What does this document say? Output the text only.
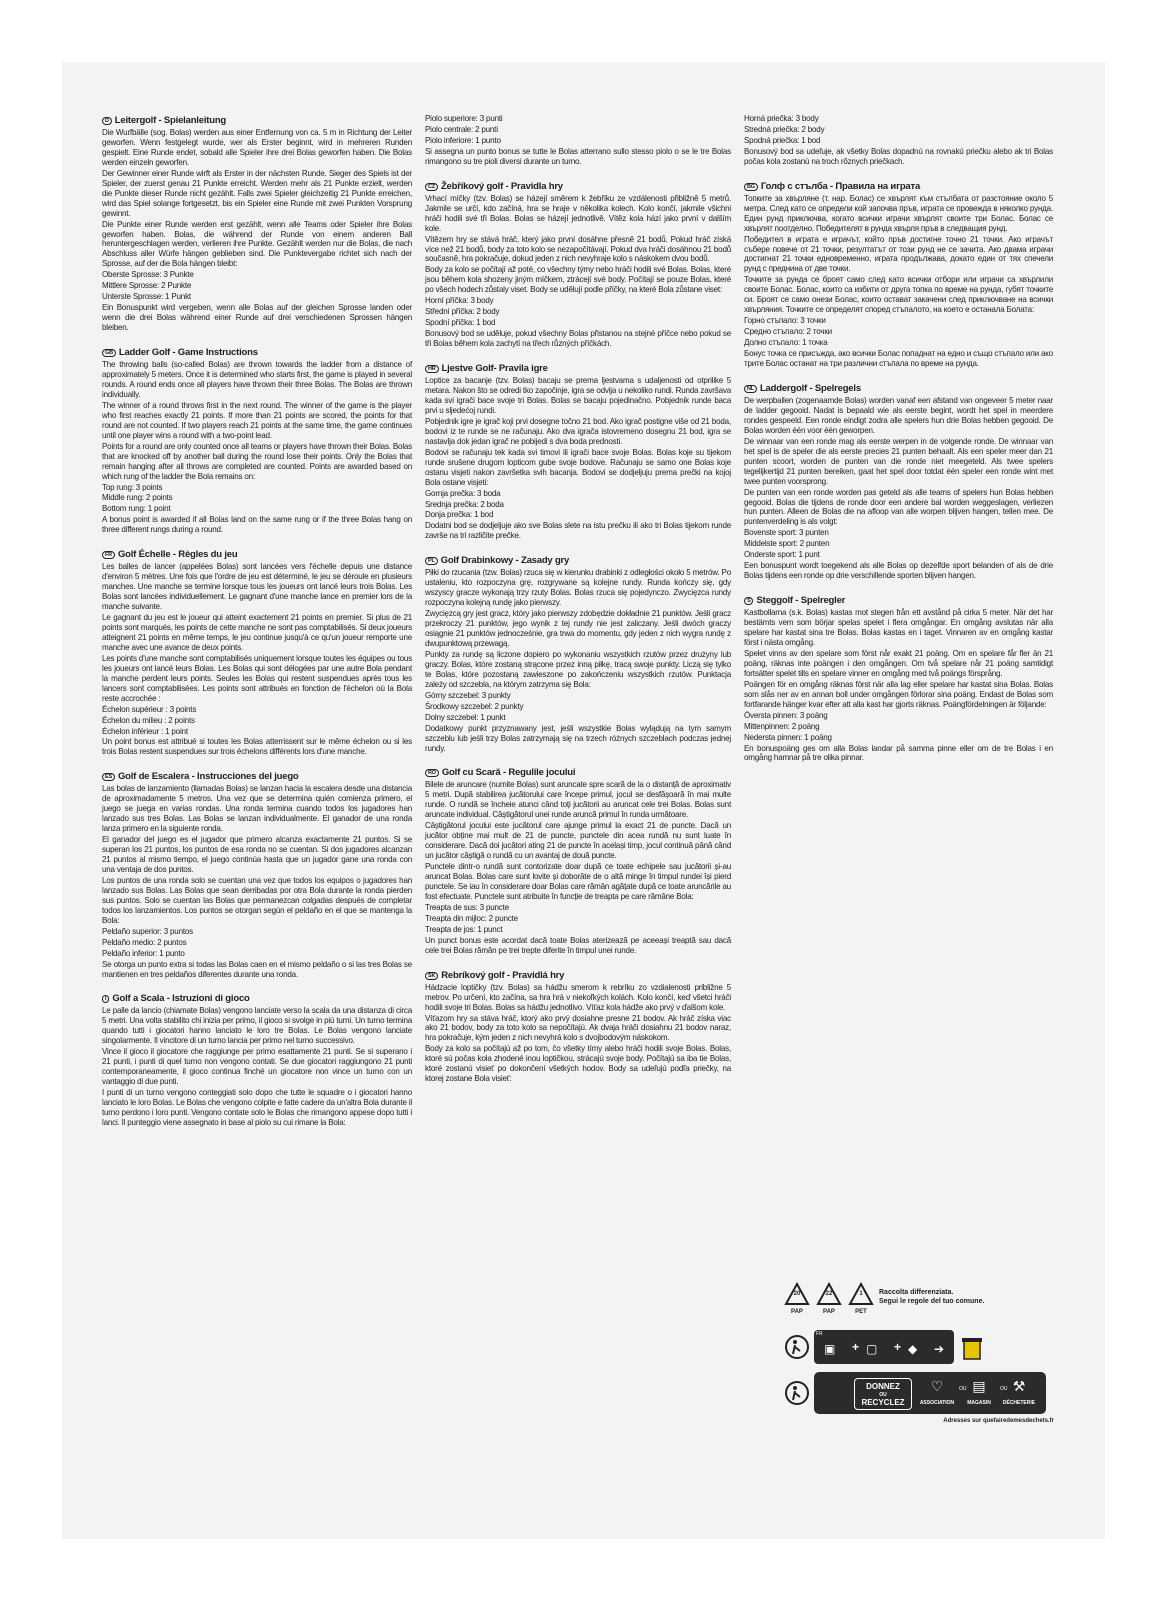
D Leitergolf - Spielanleitung

Die Wurfbälle (sog. Bolas) werden aus einer Entfernung von ca. 5 m in Richtung der Leiter geworfen. Wenn festgelegt wurde, wer als Erster beginnt, wird in mehreren Runden gespielt. Eine Runde endet, sobald alle Spieler ihre drei Bolas geworfen haben. Die Bolas werden einzeln geworfen.

Der Gewinner einer Runde wirft als Erster in der nächsten Runde. Sieger des Spiels ist der Spieler, der zuerst genau 21 Punkte erreicht. Werden mehr als 21 Punkte erzielt, werden die Punkte dieser Runde nicht gezählt. Falls zwei Spieler gleichzeitig 21 Punkte erreichen, wird das Spiel solange fortgesetzt, bis ein Spieler eine Runde mit zwei Punkten Vorsprung gewinnt.

Die Punkte einer Runde werden erst gezählt, wenn alle Teams oder Spieler ihre Bolas geworfen haben. Bolas, die während der Runde von einem anderen Ball heruntergeschlagen werden, verlieren ihre Punkte. Gezählt werden nur die Bolas, die nach Abschluss aller Würfe hängen geblieben sind. Die Punktevergabe richtet sich nach der Sprosse, auf der die Bola hängen bleibt:

Oberste Sprosse: 3 Punkte

Mittlere Sprosse: 2 Punkte

Unterste Sprosse: 1 Punkt

Ein Bonuspunkt wird vergeben, wenn alle Bolas auf der gleichen Sprosse landen oder wenn die drei Bolas während einer Runde auf drei verschiedenen Sprossen hängen bleiben.

GB Ladder Golf - Game Instructions

The throwing balls (so-called Bolas) are thrown towards the ladder from a distance of approximately 5 meters. Once it is determined who starts first, the game is played in several rounds. A round ends once all players have thrown their three Bolas. The Bolas are thrown individually.

The winner of a round throws first in the next round. The winner of the game is the player who first reaches exactly 21 points. If more than 21 points are scored, the points for that round are not counted. If two players reach 21 points at the same time, the game continues until one player wins a round with a two-point lead.

Points for a round are only counted once all teams or players have thrown their Bolas. Bolas that are knocked off by another ball during the round lose their points. Only the Bolas that remain hanging after all throws are completed are counted. Points are awarded based on which rung of the ladder the Bola remains on:

Top rung: 3 points

Middle rung: 2 points

Bottom rung: 1 point

A bonus point is awarded if all Bolas land on the same rung or if the three Bolas hang on three different rungs during a round.

FR Golf Échelle - Règles du jeu

Les balles de lancer (appelées Bolas) sont lancées vers l'échelle depuis une distance d'environ 5 mètres. Une fois que l'ordre de jeu est déterminé, le jeu se déroule en plusieurs manches. Une manche se termine lorsque tous les joueurs ont lancé leurs trois Bolas. Les Bolas sont lancées individuellement. Le gagnant d'une manche lance en premier lors de la manche suivante.

Le gagnant du jeu est le joueur qui atteint exactement 21 points en premier. Si plus de 21 points sont marqués, les points de cette manche ne sont pas comptabilisés. Si deux joueurs atteignent 21 points en même temps, le jeu continue jusqu'à ce qu'un joueur remporte une manche avec une avance de deux points.

Les points d'une manche sont comptabilisés uniquement lorsque toutes les équipes ou tous les joueurs ont lancé leurs Bolas. Les Bolas qui sont délogées par une autre Bola pendant la manche perdent leurs points. Seules les Bolas qui restent suspendues après tous les lancers sont comptabilisées. Les points sont attribués en fonction de l'échelon où la Bola reste accrochée :

Échelon supérieur : 3 points

Échelon du milieu : 2 points

Échelon inférieur : 1 point

Un point bonus est attribué si toutes les Bolas atterrissent sur le même échelon ou si les trois Bolas restent suspendues sur trois échelons différents lors d'une manche.

ES Golf de Escalera - Instrucciones del juego

Las bolas de lanzamiento (llamadas Bolas) se lanzan hacia la escalera desde una distancia de aproximadamente 5 metros. Una vez que se determina quién comienza primero, el juego se juega en varias rondas. Una ronda termina cuando todos los jugadores han lanzado sus tres Bolas. Las Bolas se lanzan individualmente. El ganador de una ronda lanza primero en la siguiente ronda.

El ganador del juego es el jugador que primero alcanza exactamente 21 puntos. Si se superan los 21 puntos, los puntos de esa ronda no se cuentan. Si dos jugadores alcanzan 21 puntos al mismo tiempo, el juego continúa hasta que un jugador gane una ronda con una ventaja de dos puntos.

Los puntos de una ronda solo se cuentan una vez que todos los equipos o jugadores han lanzado sus Bolas. Las Bolas que sean derribadas por otra Bola durante la ronda pierden sus puntos. Solo se cuentan las Bolas que permanezcan colgadas después de completar todos los lanzamientos. Los puntos se otorgan según el peldaño en el que se mantenga la Bola:

Peldaño superior: 3 puntos

Peldaño medio: 2 puntos

Peldaño inferior: 1 punto

Se otorga un punto extra si todas las Bolas caen en el mismo peldaño o si las tres Bolas se mantienen en tres peldaños diferentes durante una ronda.

I Golf a Scala - Istruzioni di gioco

Le palle da lancio (chiamate Bolas) vengono lanciate verso la scala da una distanza di circa 5 metri. Una volta stabilito chi inizia per primo, il gioco si svolge in più turni. Un turno termina quando tutti i giocatori hanno lanciato le loro tre Bolas. Le Bolas vengono lanciate singolarmente. Il vincitore di un turno lancia per primo nel turno successivo.

Vince il gioco il giocatore che raggiunge per primo esattamente 21 punti. Se si superano i 21 punti, i punti di quel turno non vengono contati. Se due giocatori raggiungono 21 punti contemporaneamente, il gioco continua finché un giocatore non vince un turno con un vantaggio di due punti.

I punti di un turno vengono conteggiati solo dopo che tutte le squadre o i giocatori hanno lanciato le loro Bolas. Le Bolas che vengono colpite e fatte cadere da un'altra Bola durante il turno perdono i loro punti. Vengono contate solo le Bolas che rimangono appese dopo tutti i lanci. Il punteggio viene assegnato in base al piolo su cui rimane la Bola:

Piolo superiore: 3 punti

Piolo centrale: 2 punti

Piolo inferiore: 1 punto

Si assegna un punto bonus se tutte le Bolas atterrano sullo stesso piolo o se le tre Bolas rimangono su tre pioli diversi durante un turno.

CZ Žebříkový golf - Pravidla hry

Vrhací míčky (tzv. Bolas) se házejí směrem k žebříku ze vzdálenosti přibližně 5 metrů. Jakmile se určí, kdo začíná, hra se hraje v několika kolech. Kolo končí, jakmile všichni hráči hodili své tři Bolas. Bolas se házejí jednotlivě. Vítěz kola hází jako první v dalším kole.

Vítězem hry se stává hráč, který jako první dosáhne přesně 21 bodů. Pokud hráč získá více než 21 bodů, body za toto kolo se nezapočítávají. Pokud dva hráči dosáhnou 21 bodů současně, hra pokračuje, dokud jeden z nich nevyhraje kolo s náskokem dvou bodů.

Body za kolo se počítají až poté, co všechny týmy nebo hráči hodili své Bolas. Bolas, které jsou během kola shozeny jiným míčkem, ztrácejí své body. Počítají se pouze Bolas, které po všech hodech zůstaly viset. Body se udělují podle příčky, na které Bola zůstane viset:

Horní příčka: 3 body

Střední příčka: 2 body

Spodní příčka: 1 bod

Bonusový bod se uděluje, pokud všechny Bolas přistanou na stejné příčce nebo pokud se tři Bolas během kola zachytí na třech různých příčkách.

HR Ljestve Golf- Pravila igre

Loptice za bacanje (tzv. Bolas) bacaju se prema ljestvama s udaljenosti od otprilike 5 metara. Nakon što se odredi tko započinje, igra se odvija u nekoliko rundi. Runda završava kada svi igrači bace svoje tri Bolas. Bolas se bacaju pojedinačno. Pobjednik runde baca prvi u sljedećoj rundi.

Pobjednik igre je igrač koji prvi dosegne točno 21 bod. Ako igrač postigne više od 21 boda, bodovi iz te runde se ne računaju. Ako dva igrača istovremeno dosegnu 21 bod, igra se nastavlja dok jedan igrač ne pobijedi s dva boda prednosti.

Bodovi se računaju tek kada svi timovi ili igrači bace svoje Bolas. Bolas koje su tijekom runde srušene drugom lopticom gube svoje bodove. Računaju se samo one Bolas koje ostanu visjeti nakon završetka svih bacanja. Bodovi se dodjeljuju prema prečki na kojoj Bola ostane visjeti:

Gornja prečka: 3 boda

Srednja prečka: 2 boda

Donja prečka: 1 bod

Dodatni bod se dodjeljuje ako sve Bolas slete na istu prečku ili ako tri Bolas tijekom runde završe na tri različite prečke.

PL Golf Drabinkowy - Zasady gry

Piłki do rzucania (tzw. Bolas) rzuca się w kierunku drabinki z odległości około 5 metrów. Po ustaleniu, kto rozpoczyna grę, rozgrywane są kolejne rundy. Runda kończy się, gdy wszyscy gracze wykonają trzy rzuty Bolas. Bolas rzuca się pojedynczo. Zwycięzca rundy rozpoczyna kolejną rundę jako pierwszy.

Zwycięzcą gry jest gracz, który jako pierwszy zdobędzie dokładnie 21 punktów. Jeśli gracz przekroczy 21 punktów, jego wynik z tej rundy nie jest zaliczany. Jeśli dwóch graczy osiągnie 21 punktów jednocześnie, gra trwa do momentu, gdy jeden z nich wygra rundę z dwupunktową przewagą.

Punkty za rundę są liczone dopiero po wykonaniu wszystkich rzutów przez drużyny lub graczy. Bolas, które zostaną strącone przez inną piłkę, tracą swoje punkty. Liczą się tylko te Bolas, które pozostaną zawieszone po zakończeniu wszystkich rzutów. Punktacja zależy od szczebla, na którym zatrzyma się Bola:

Górny szczebel: 3 punkty

Środkowy szczebel: 2 punkty

Dolny szczebel: 1 punkt

Dodatkowy punkt przyznawany jest, jeśli wszystkie Bolas wylądują na tym samym szczeblu lub jeśli trzy Bolas zatrzymają się na trzech różnych szczeblach podczas jednej rundy.

RO Golf cu Scară - Regulile jocului

Bilele de aruncare (numite Bolas) sunt aruncate spre scară de la o distanță de aproximativ 5 metri. După stabilirea jucătorului care începe primul, jocul se desfășoară în mai multe runde. O rundă se încheie atunci când toți jucătorii au aruncat cele trei Bolas. Bolas sunt aruncate individual. Câștigătorul unei runde aruncă primul în runda următoare.

Câștigătorul jocului este jucătorul care ajunge primul la exact 21 de puncte. Dacă un jucător obține mai mult de 21 de puncte, punctele din acea rundă nu sunt luate în considerare. Dacă doi jucători ating 21 de puncte în același timp, jocul continuă până când un jucător câștigă o rundă cu un avantaj de două puncte.

Punctele dintr-o rundă sunt contorizate doar după ce toate echipele sau jucătorii și-au aruncat Bolas. Bolas care sunt lovite și doborâte de o altă minge în timpul rundei își pierd punctele. Se iau în considerare doar Bolas care rămân agățate după ce toate aruncările au fost efectuate. Punctele sunt atribuite în funcție de treapta pe care rămâne Bola:

Treapta de sus: 3 puncte

Treapta din mijloc: 2 puncte

Treapta de jos: 1 punct

Un punct bonus este acordat dacă toate Bolas aterizează pe aceeași treaptă sau dacă cele trei Bolas rămân pe trei trepte diferite în timpul unei runde.

SK Rebríkový golf - Pravidlá hry

Hádzacie loptičky (tzv. Bolas) sa hádžu smerom k rebríku zo vzdialenosti približne 5 metrov. Po určení, kto začína, sa hra hrá v niekoľkých kolách. Kolo končí, keď všetci hráči hodili svoje tri Bolas. Bolas sa hádžu jednotlivo. Víťaz kola hádže ako prvý v ďalšom kole.

Víťazom hry sa stáva hráč, ktorý ako prvý dosiahne presne 21 bodov. Ak hráč získa viac ako 21 bodov, body za toto kolo sa nepočítajú. Ak dvaja hráči dosiahnu 21 bodov naraz, hra pokračuje, kým jeden z nich nevyhrá kolo s dvojbodovým náskokom.

Body za kolo sa počítajú až po tom, čo všetky tímy alebo hráči hodili svoje Bolas. Bolas, ktoré sú počas kola zhodené inou loptičkou, strácajú svoje body. Počítajú sa iba tie Bolas, ktoré zostanú visieť po dokončení všetkých hodov. Body sa udeľujú podľa priečky, na ktorej zostane Bola visieť:

Horná priečka: 3 body

Stredná priečka: 2 body

Spodná priečka: 1 bod

Bonusový bod sa udeľuje, ak všetky Bolas dopadnú na rovnakú priečku alebo ak tri Bolas počas kola zostanú na troch rôznych priečkach.

BG Голф с стълба - Правила на играта

Топките за хвърляне (т. нар. Болас) се хвърлят към стълбата от разстояние около 5 метра. След като се определи кой започва пръв, играта се провежда в няколко рунда. Един рунд приключва, когато всички играчи хвърлят своите три Болас. Болас се хвърлят поотделно. Победителят в рунда хвърля пръв в следващия рунд.

Победител в играта е играчът, който пръв достигне точно 21 точки. Ако играчът събере повече от 21 точки, резултатът от този рунд не се зачита. Ако двама играчи достигнат 21 точки едновременно, играта продължава, докато един от тях спечели рунд с преднина от две точки.

Точките за рунда се броят само след като всички отбори или играчи са хвърлили своите Болас. Болас, които са избити от друга топка по време на рунда, губят точките си. Броят се само онези Болас, които остават закачени след приключване на всички хвърляния. Точките се определят според стъпалото, на което е останала Болата:

Горно стъпало: 3 точки

Средно стъпало: 2 точки

Долно стъпало: 1 точка

Бонус точка се присъжда, ако всички Болас попаднат на едно и също стъпало или ако трите Болас останат на три различни стъпала по време на рунда.

NL Laddergolf - Spelregels

De werpballen (zogenaamde Bolas) worden vanaf een afstand van ongeveer 5 meter naar de ladder gegooid. Nadat is bepaald wie als eerste begint, wordt het spel in meerdere rondes gespeeld. Een ronde eindigt zodra alle spelers hun drie Bolas hebben gegooid. De Bolas worden één voor één geworpen.

De winnaar van een ronde mag als eerste werpen in de volgende ronde. De winnaar van het spel is de speler die als eerste precies 21 punten behaalt. Als een speler meer dan 21 punten scoort, worden de punten van die ronde niet meegeteld. Als twee spelers tegelijkertijd 21 punten bereiken, gaat het spel door totdat één speler een ronde wint met twee punten voorsprong.

De punten van een ronde worden pas geteld als alle teams of spelers hun Bolas hebben gegooid. Bolas die tijdens de ronde door een andere bal worden weggeslagen, verliezen hun punten. Alleen de Bolas die na afloop van alle worpen blijven hangen, tellen mee. De puntenverdeling is als volgt:

Bovenste sport: 3 punten

Middelste sport: 2 punten

Onderste sport: 1 punt

Een bonuspunt wordt toegekend als alle Bolas op dezelfde sport belanden of als de drie Bolas tijdens een ronde op drie verschillende sporten blijven hangen.

S Steggolf - Spelregler

Kastbollarna (s.k. Bolas) kastas mot stegen från ett avstånd på cirka 5 meter. När det har bestämts vem som börjar spelas spelet i flera omgångar. En omgång avslutas när alla spelare har kastat sina tre Bolas. Bolas kastas en i taget. Vinnaren av en omgång kastar först i nästa omgång.

Spelet vinns av den spelare som först når exakt 21 poäng. Om en spelare får fler än 21 poäng, räknas inte poängen i den omgången. Om två spelare når 21 poäng samtidigt fortsätter spelet tills en spelare vinner en omgång med två poängs försprång.

Poängen för en omgång räknas först när alla lag eller spelare har kastat sina Bolas. Bolas som slås ner av en annan boll under omgången förlorar sina poäng. Endast de Bolas som fortfarande hänger kvar efter att alla kast har gjorts räknas. Poängfördelningen är följande:

Översta pinnen: 3 poäng

Mittenpinnen: 2 poäng

Nedersta pinnen: 1 poäng

En bonuspoäng ges om alla Bolas landar på samma pinne eller om de tre Bolas i en omgång hamnar på tre olika pinnar.

20
PAP
22
PAP
1
PET
Raccolta differenziata.
Segui le regole del tuo comune.
FR
▣ + ▢ + ◆ ➔
DONNEZ
OU
RECYCLEZ
♡
ASSOCIATION
OU ▤
MAGASIN
OU ⚒
DÉCHETERIE
Adresses sur quefairedemesdechets.fr
